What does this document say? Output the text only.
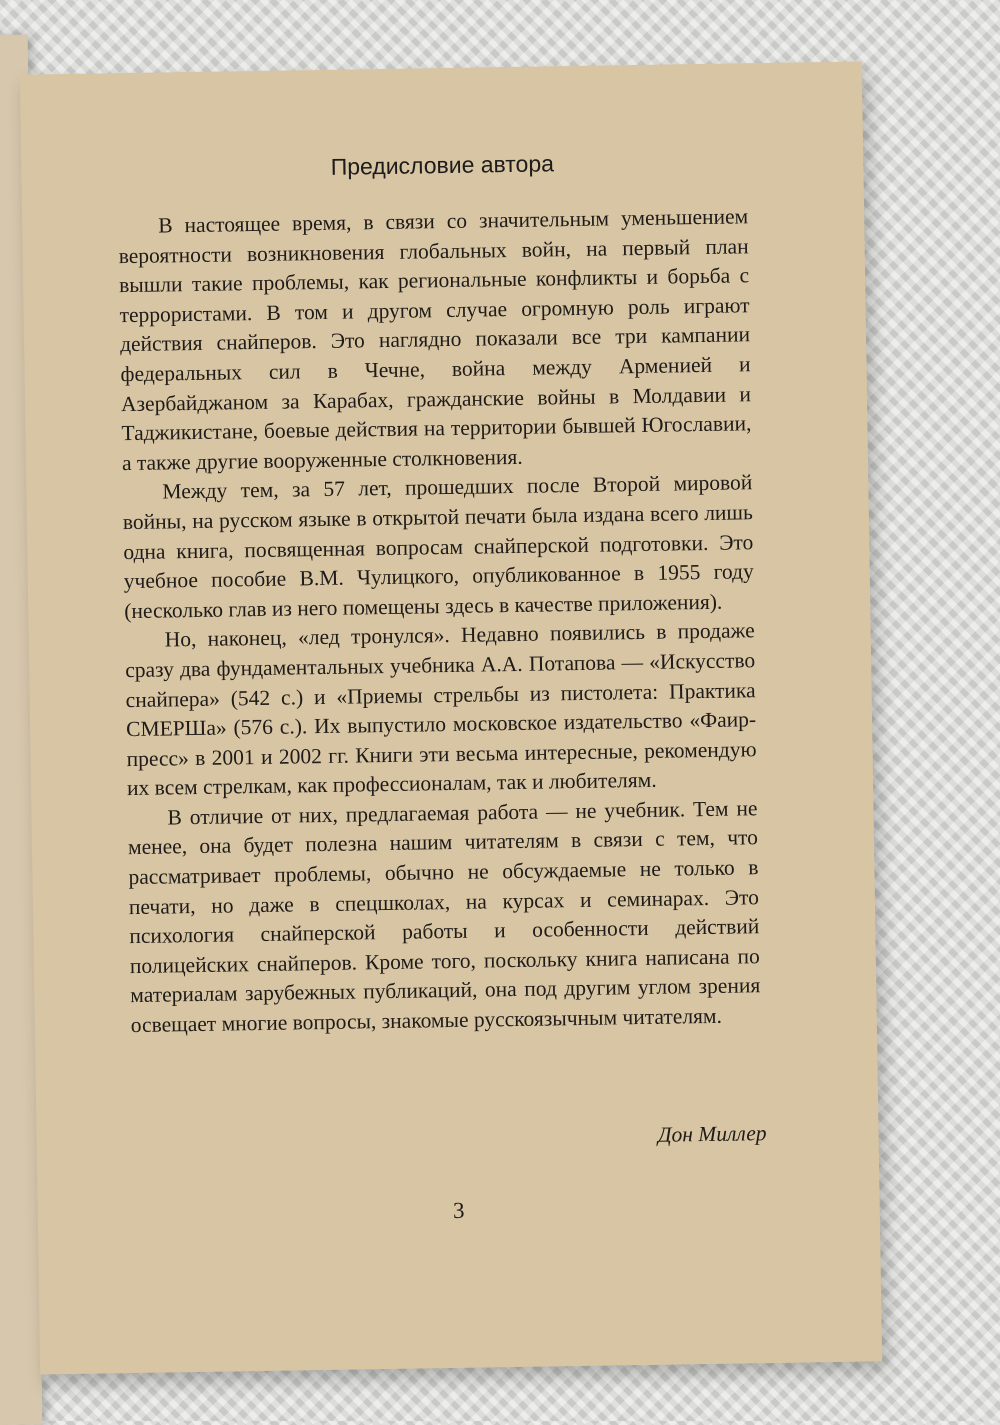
Предисловие автора

В настоящее время, в связи со значительным уменьшением вероятности возникновения глобальных войн, на первый план вышли такие проблемы, как региональные конфликты и борьба с террористами. В том и другом случае огромную роль играют действия снайперов. Это наглядно показали все три кампании федеральных сил в Чечне, война между Арменией и Азербайджаном за Карабах, гражданские войны в Молдавии и Таджикистане, боевые действия на территории бывшей Югославии, а также другие вооруженные столкновения.

Между тем, за 57 лет, прошедших после Второй мировой войны, на русском языке в открытой печати была издана всего лишь одна книга, посвященная вопросам снайперской подготовки. Это учебное пособие В.М. Чулицкого, опубликованное в 1955 году (несколько глав из него помещены здесь в качестве приложения).

Но, наконец, «лед тронулся». Недавно появились в продаже сразу два фундаментальных учебника А.А. Потапова — «Искусство снайпера» (542 с.) и «Приемы стрельбы из пистолета: Практика СМЕРШа» (576 с.). Их выпустило московское издательство «Фаир-пресс» в 2001 и 2002 гг. Книги эти весьма интересные, рекомендую их всем стрелкам, как профессионалам, так и любителям.

В отличие от них, предлагаемая работа — не учебник. Тем не менее, она будет полезна нашим читателям в связи с тем, что рассматривает проблемы, обычно не обсуждаемые не только в печати, но даже в спецшколах, на курсах и семинарах. Это психология снайперской работы и особенности действий полицейских снайперов. Кроме того, поскольку книга написана по материалам зарубежных публикаций, она под другим углом зрения освещает многие вопросы, знакомые русскоязычным читателям.

Дон Миллер
3
